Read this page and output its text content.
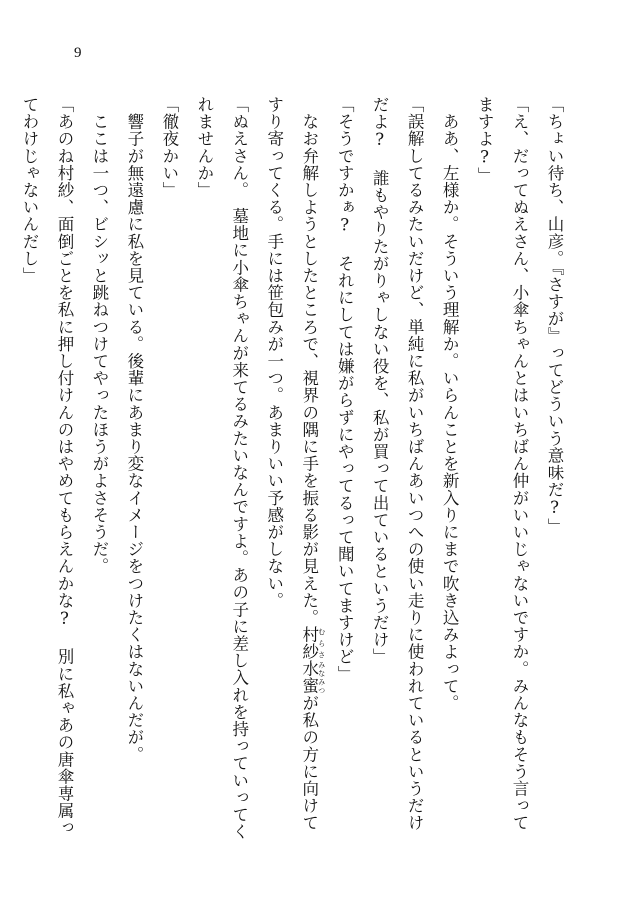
9

「ちょい待ち、山彦。『さすが』ってどういう意味だ?」

「え、だってぬえさん、小傘ちゃんとはいちばん仲がいいじゃないですか。みんなもそう言ってますよ?」

　ああ、左様か。そういう理解か。いらんことを新入りにまで吹き込みよって。

「誤解してるみたいだけど、単純に私がいちばんあいつへの使い走りに使われているというだけだよ? 誰もやりたがりゃしない役を、私が買って出ているというだけ」

「そうですかぁ? それにしては嫌がらずにやってるって聞いてますけど」

　なお弁解しようとしたところで、視界の隅に手を振る影が見えた。村紗 むらさ水蜜 みなみつが私の方に向けてすり寄ってくる。手には笹包みが一つ。あまりいい予感がしない。

「ぬえさん。　墓地に小傘ちゃんが来てるみたいなんですよ。あの子に差し入れを持っていってくれませんか」

「徹夜かい」

　響子が無遠慮に私を見ている。後輩にあまり変なイメージをつけたくはないんだが。

　ここは一つ、ビシッと跳ねつけてやったほうがよさそうだ。

「あのね村紗、面倒ごとを私に押し付けんのはやめてもらえんかな? 別に私ゃあの唐傘専属ってわけじゃないんだし」
